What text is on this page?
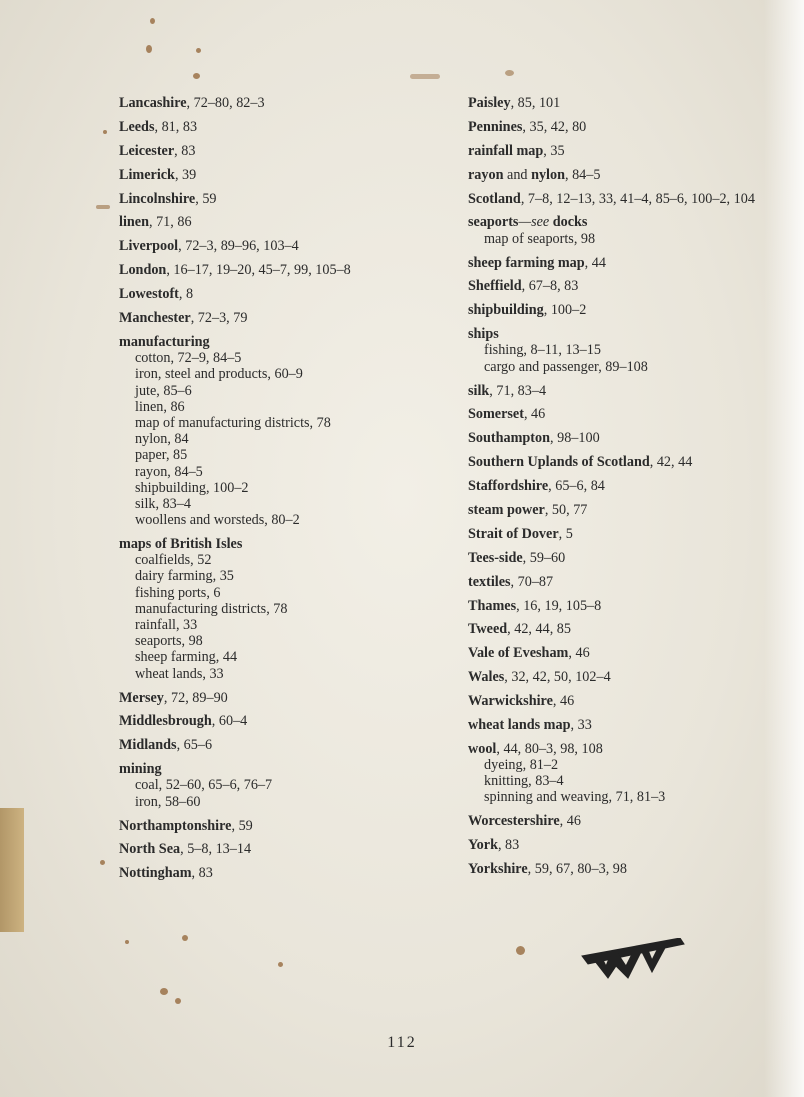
Lancashire, 72–80, 82–3
Leeds, 81, 83
Leicester, 83
Limerick, 39
Lincolnshire, 59
linen, 71, 86
Liverpool, 72–3, 89–96, 103–4
London, 16–17, 19–20, 45–7, 99, 105–8
Lowestoft, 8
Manchester, 72–3, 79
manufacturing
cotton, 72–9, 84–5
iron, steel and products, 60–9
jute, 85–6
linen, 86
map of manufacturing districts, 78
nylon, 84
paper, 85
rayon, 84–5
shipbuilding, 100–2
silk, 83–4
woollens and worsteds, 80–2
maps of British Isles
coalfields, 52
dairy farming, 35
fishing ports, 6
manufacturing districts, 78
rainfall, 33
seaports, 98
sheep farming, 44
wheat lands, 33
Mersey, 72, 89–90
Middlesbrough, 60–4
Midlands, 65–6
mining
coal, 52–60, 65–6, 76–7
iron, 58–60
Northamptonshire, 59
North Sea, 5–8, 13–14
Nottingham, 83
Paisley, 85, 101
Pennines, 35, 42, 80
rainfall map, 35
rayon and nylon, 84–5
Scotland, 7–8, 12–13, 33, 41–4, 85–6, 100–2, 104
seaports—see docks
map of seaports, 98
sheep farming map, 44
Sheffield, 67–8, 83
shipbuilding, 100–2
ships
fishing, 8–11, 13–15
cargo and passenger, 89–108
silk, 71, 83–4
Somerset, 46
Southampton, 98–100
Southern Uplands of Scotland, 42, 44
Staffordshire, 65–6, 84
steam power, 50, 77
Strait of Dover, 5
Tees-side, 59–60
textiles, 70–87
Thames, 16, 19, 105–8
Tweed, 42, 44, 85
Vale of Evesham, 46
Wales, 32, 42, 50, 102–4
Warwickshire, 46
wheat lands map, 33
wool, 44, 80–3, 98, 108
dyeing, 81–2
knitting, 83–4
spinning and weaving, 71, 81–3
Worcestershire, 46
York, 83
Yorkshire, 59, 67, 80–3, 98
112
